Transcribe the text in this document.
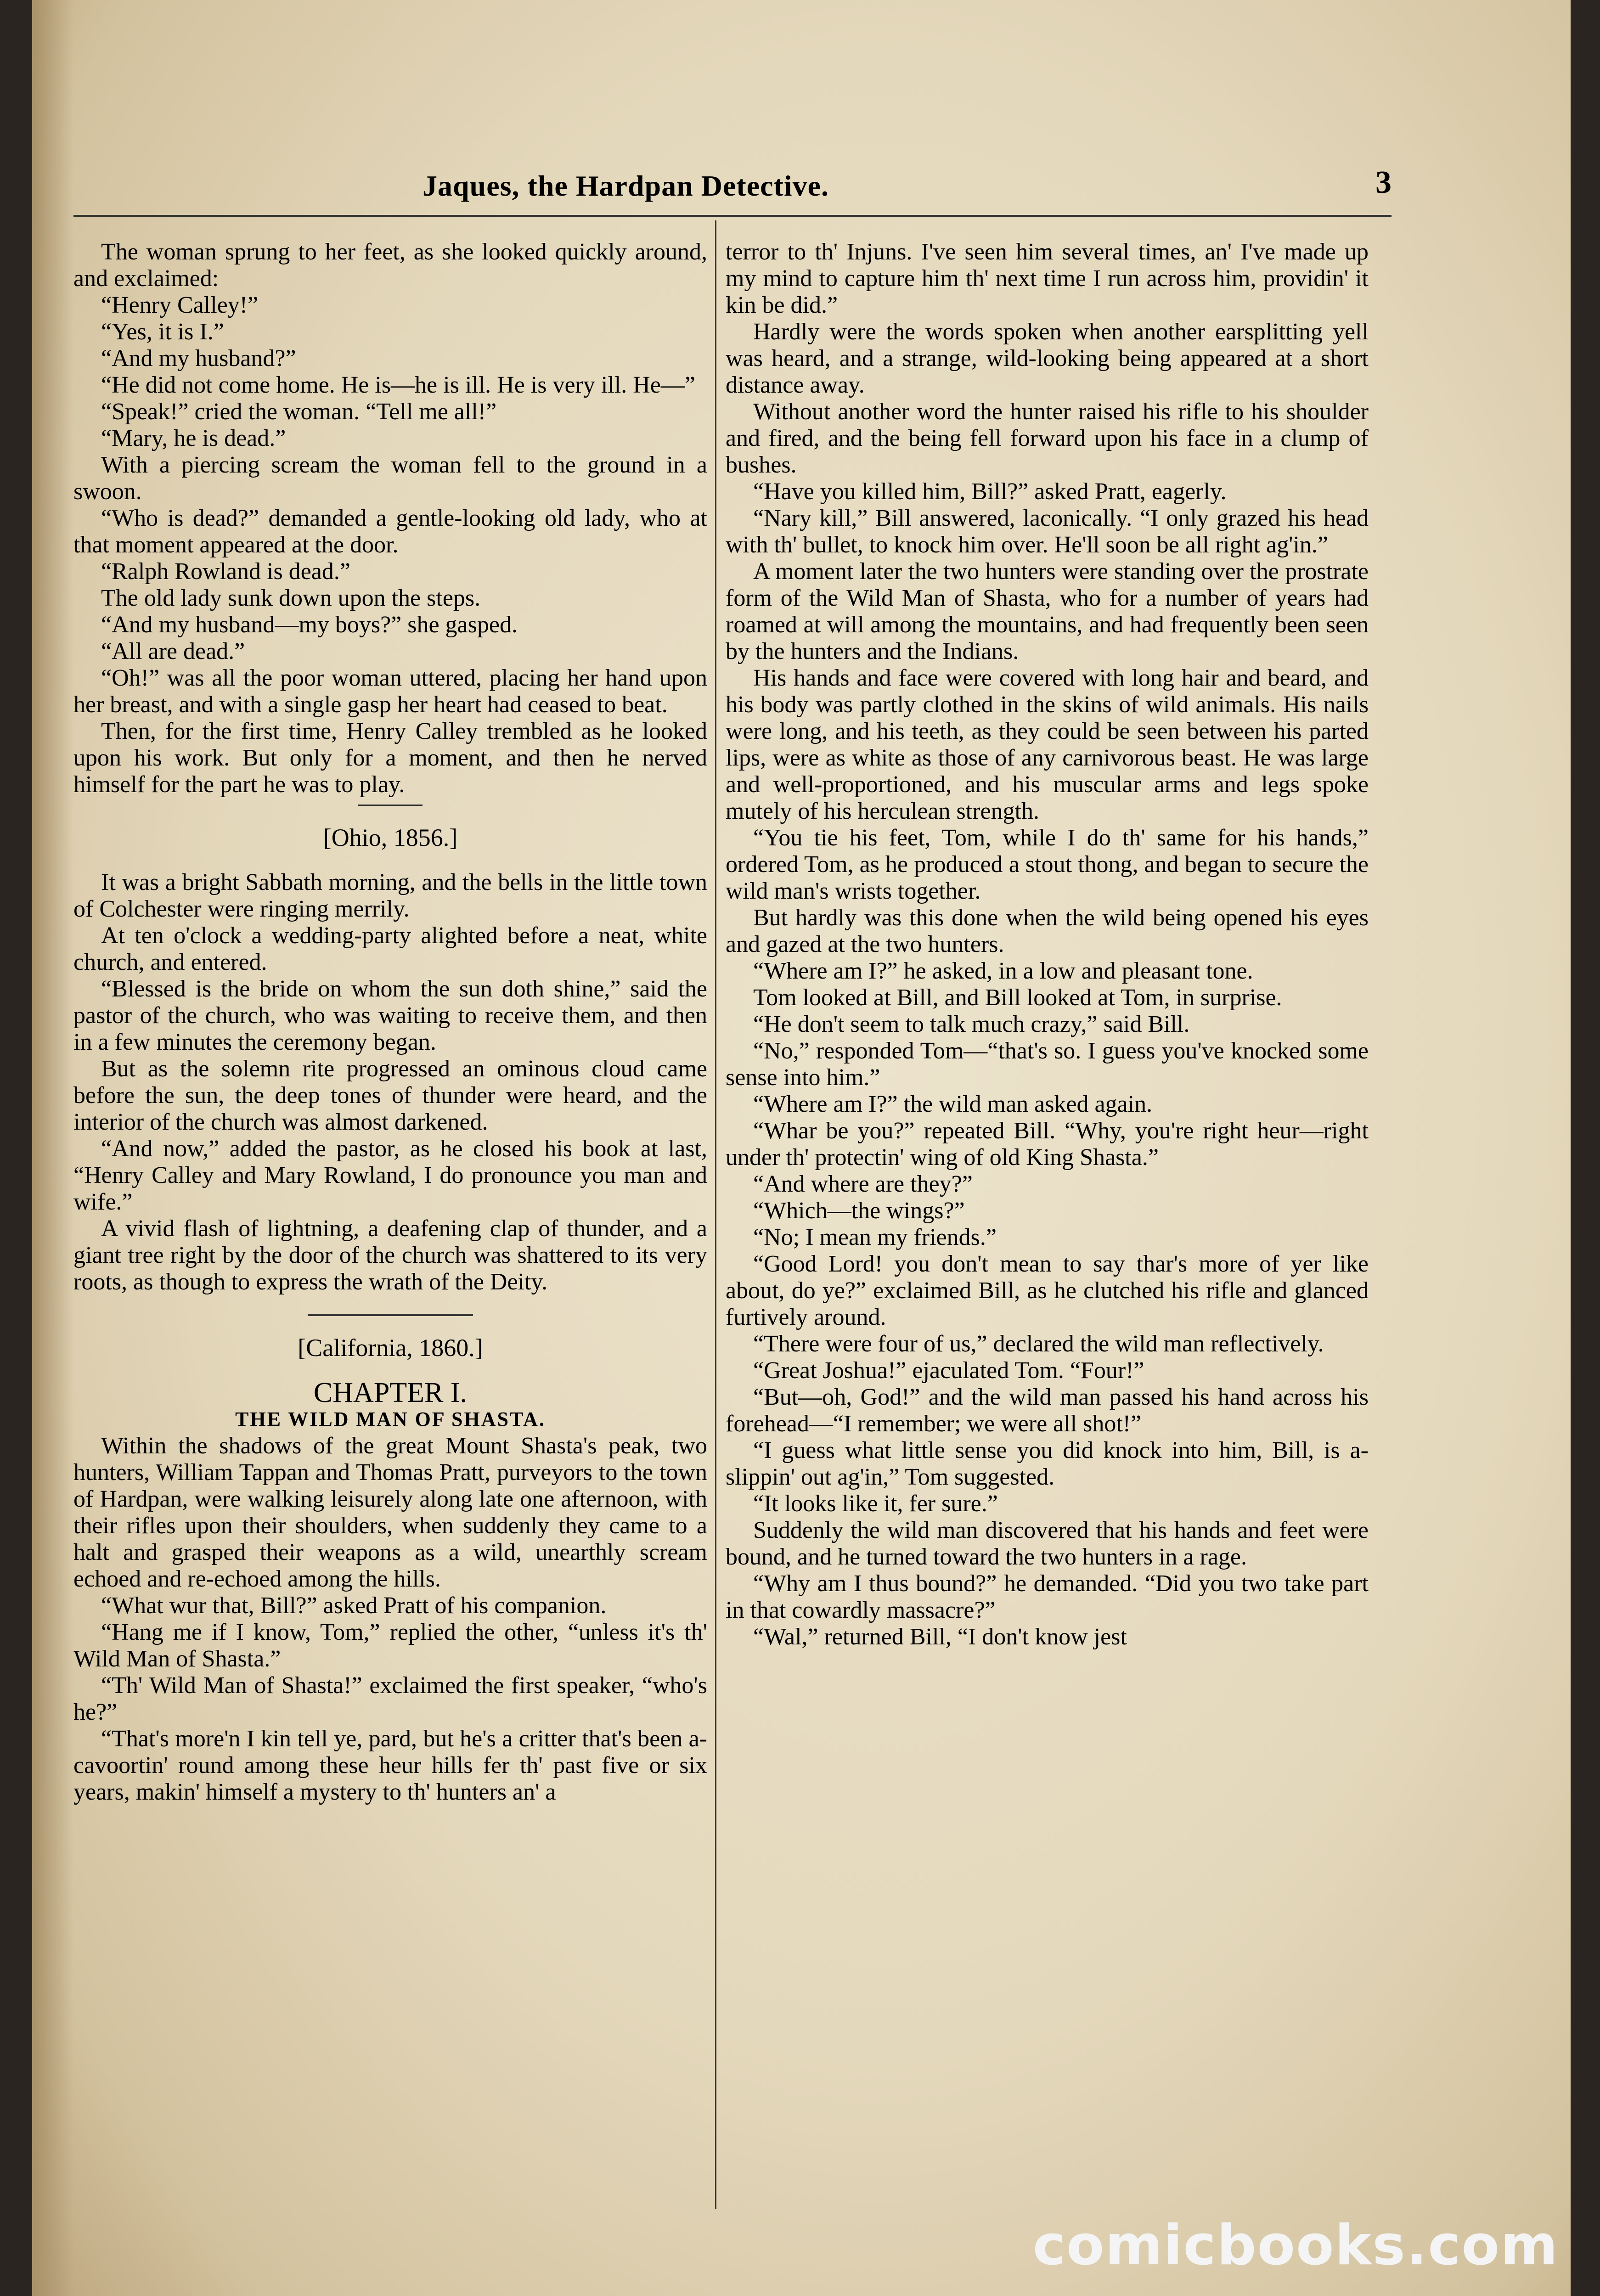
Jaques, the Hardpan Detective.	3

The woman sprung to her feet, as she looked quickly around, and exclaimed:

“Henry Calley!”

“Yes, it is I.”

“And my husband?”

“He did not come home. He is—he is ill. He is very ill. He—”

“Speak!” cried the woman. “Tell me all!”

“Mary, he is dead.”

With a piercing scream the woman fell to the ground in a swoon.

“Who is dead?” demanded a gentle-looking old lady, who at that moment appeared at the door.

“Ralph Rowland is dead.”

The old lady sunk down upon the steps.

“And my husband—my boys?” she gasped.

“All are dead.”

“Oh!” was all the poor woman uttered, placing her hand upon her breast, and with a single gasp her heart had ceased to beat.

Then, for the first time, Henry Calley trembled as he looked upon his work. But only for a moment, and then he nerved himself for the part he was to play.

[Ohio, 1856.]

It was a bright Sabbath morning, and the bells in the little town of Colchester were ringing merrily.

At ten o'clock a wedding-party alighted before a neat, white church, and entered.

“Blessed is the bride on whom the sun doth shine,” said the pastor of the church, who was waiting to receive them, and then in a few minutes the ceremony began.

But as the solemn rite progressed an ominous cloud came before the sun, the deep tones of thunder were heard, and the interior of the church was almost darkened.

“And now,” added the pastor, as he closed his book at last, “Henry Calley and Mary Rowland, I do pronounce you man and wife.”

A vivid flash of lightning, a deafening clap of thunder, and a giant tree right by the door of the church was shattered to its very roots, as though to express the wrath of the Deity.

[California, 1860.]

CHAPTER I.

THE WILD MAN OF SHASTA.

Within the shadows of the great Mount Shasta's peak, two hunters, William Tappan and Thomas Pratt, purveyors to the town of Hardpan, were walking leisurely along late one afternoon, with their rifles upon their shoulders, when suddenly they came to a halt and grasped their weapons as a wild, unearthly scream echoed and re-echoed among the hills.

“What wur that, Bill?” asked Pratt of his companion.

“Hang me if I know, Tom,” replied the other, “unless it's th' Wild Man of Shasta.”

“Th' Wild Man of Shasta!” exclaimed the first speaker, “who's he?”

“That's more'n I kin tell ye, pard, but he's a critter that's been a-cavoortin' round among these heur hills fer th' past five or six years, makin' himself a mystery to th' hunters an' a

terror to th' Injuns. I've seen him several times, an' I've made up my mind to capture him th' next time I run across him, providin' it kin be did.”

Hardly were the words spoken when another earsplitting yell was heard, and a strange, wild-looking being appeared at a short distance away.

Without another word the hunter raised his rifle to his shoulder and fired, and the being fell forward upon his face in a clump of bushes.

“Have you killed him, Bill?” asked Pratt, eagerly.

“Nary kill,” Bill answered, laconically. “I only grazed his head with th' bullet, to knock him over. He'll soon be all right ag'in.”

A moment later the two hunters were standing over the prostrate form of the Wild Man of Shasta, who for a number of years had roamed at will among the mountains, and had frequently been seen by the hunters and the Indians.

His hands and face were covered with long hair and beard, and his body was partly clothed in the skins of wild animals. His nails were long, and his teeth, as they could be seen between his parted lips, were as white as those of any carnivorous beast. He was large and well-proportioned, and his muscular arms and legs spoke mutely of his herculean strength.

“You tie his feet, Tom, while I do th' same for his hands,” ordered Tom, as he produced a stout thong, and began to secure the wild man's wrists together.

But hardly was this done when the wild being opened his eyes and gazed at the two hunters.

“Where am I?” he asked, in a low and pleasant tone.

Tom looked at Bill, and Bill looked at Tom, in surprise.

“He don't seem to talk much crazy,” said Bill.

“No,” responded Tom—“that's so. I guess you've knocked some sense into him.”

“Where am I?” the wild man asked again.

“Whar be you?” repeated Bill. “Why, you're right heur—right under th' protectin' wing of old King Shasta.”

“And where are they?”

“Which—the wings?”

“No; I mean my friends.”

“Good Lord! you don't mean to say thar's more of yer like about, do ye?” exclaimed Bill, as he clutched his rifle and glanced furtively around.

“There were four of us,” declared the wild man reflectively.

“Great Joshua!” ejaculated Tom. “Four!”

“But—oh, God!” and the wild man passed his hand across his forehead—“I remember; we were all shot!”

“I guess what little sense you did knock into him, Bill, is a-slippin' out ag'in,” Tom suggested.

“It looks like it, fer sure.”

Suddenly the wild man discovered that his hands and feet were bound, and he turned toward the two hunters in a rage.

“Why am I thus bound?” he demanded. “Did you two take part in that cowardly massacre?”

“Wal,” returned Bill, “I don't know jest

comicbooks.com
